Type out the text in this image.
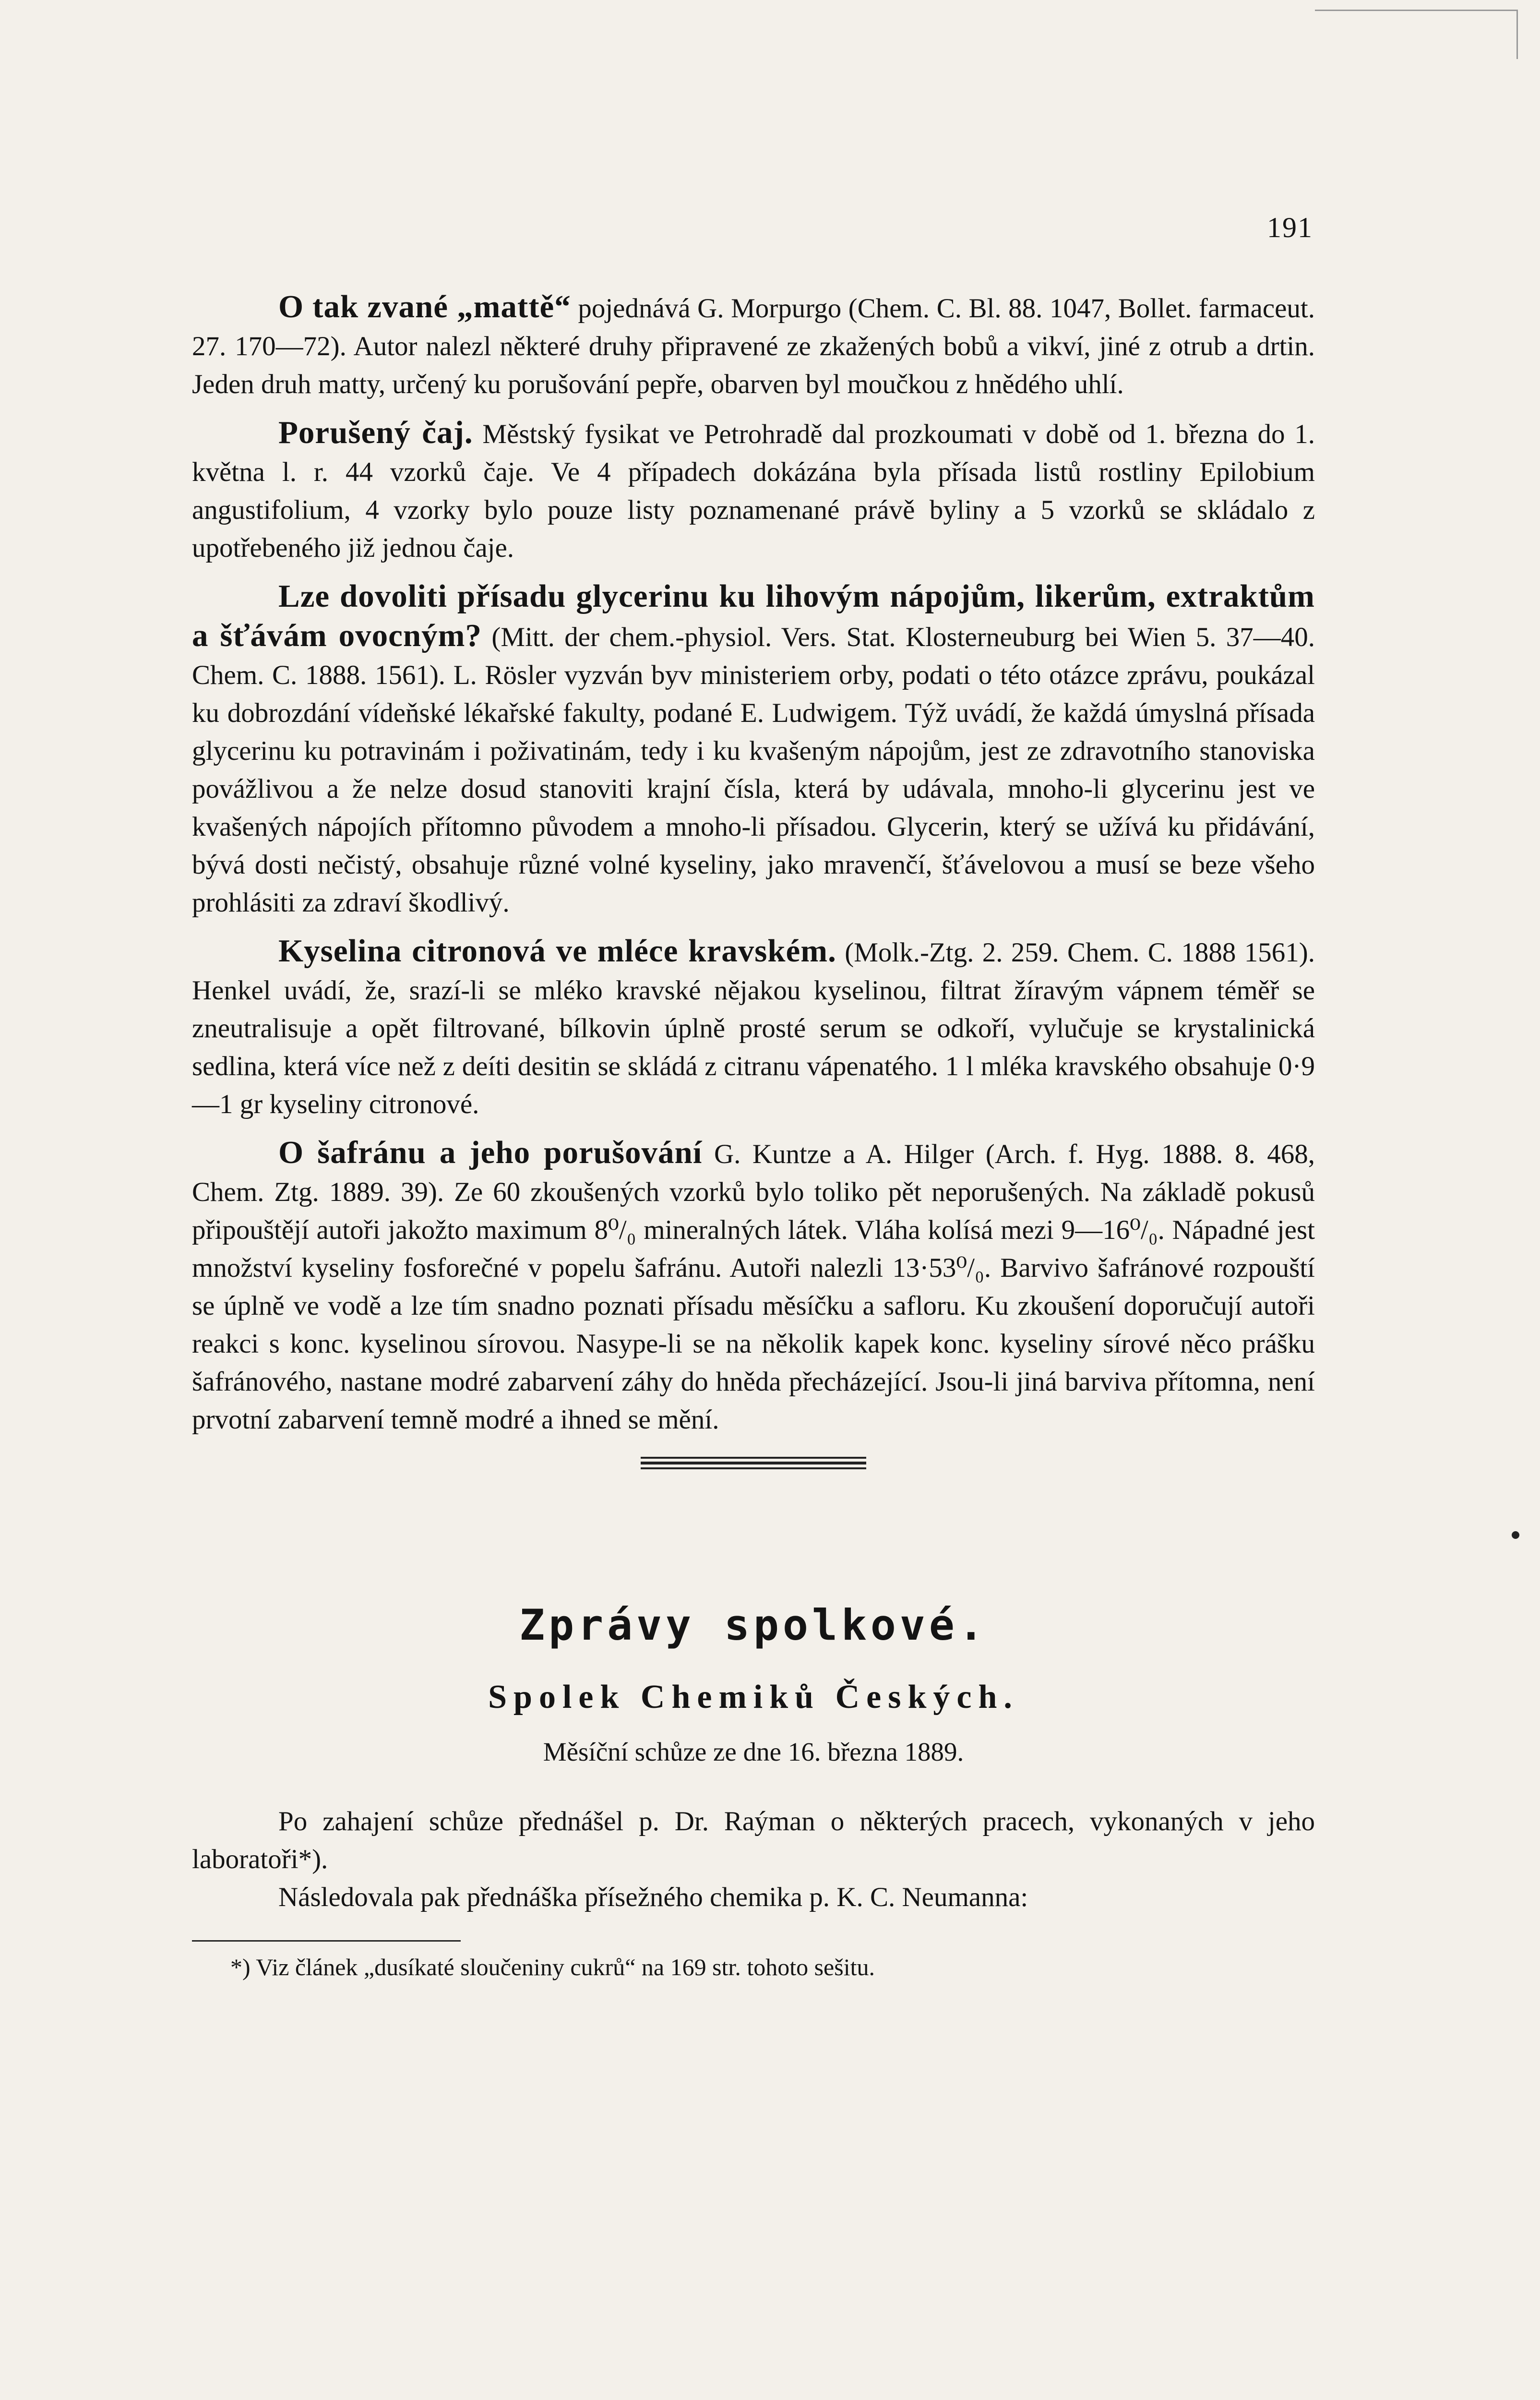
191

O tak zvané „mattě“ pojednává G. Morpurgo (Chem. C. Bl. 88. 1047, Bollet. farmaceut. 27. 170—72). Autor nalezl některé druhy připravené ze zkažených bobů a vikví, jiné z otrub a drtin. Jeden druh matty, určený ku porušování pepře, obarven byl moučkou z hnědého uhlí.

Porušený čaj. Městský fysikat ve Petrohradě dal prozkoumati v době od 1. března do 1. května l. r. 44 vzorků čaje. Ve 4 případech dokázána byla přísada listů rostliny Epilobium angustifolium, 4 vzorky bylo pouze listy poznamenané právě byliny a 5 vzorků se skládalo z upotřebeného již jednou čaje.

Lze dovoliti přísadu glycerinu ku lihovým nápojům, likerům, extraktům a šťávám ovocným? (Mitt. der chem.-physiol. Vers. Stat. Klosterneuburg bei Wien 5. 37—40. Chem. C. 1888. 1561). L. Rösler vyzván byv ministeriem orby, podati o této otázce zprávu, poukázal ku dobrozdání vídeňské lékařské fakulty, podané E. Ludwigem. Týž uvádí, že každá úmyslná přísada glycerinu ku potravinám i poživatinám, tedy i ku kvašeným nápojům, jest ze zdravotního stanoviska povážlivou a že nelze dosud stanoviti krajní čísla, která by udávala, mnoho-li glycerinu jest ve kvašených nápojích přítomno původem a mnoho-li přísadou. Glycerin, který se užívá ku přidávání, bývá dosti nečistý, obsahuje různé volné kyseliny, jako mravenčí, šťávelovou a musí se beze všeho prohlásiti za zdraví škodlivý.

Kyselina citronová ve mléce kravském. (Molk.-Ztg. 2. 259. Chem. C. 1888 1561). Henkel uvádí, že, srazí-li se mléko kravské nějakou kyselinou, filtrat žíravým vápnem téměř se zneutralisuje a opět filtrované, bílkovin úplně prosté serum se odkoří, vylučuje se krystalinická sedlina, která více než z deíti desitin se skládá z citranu vápenatého. 1 l mléka kravského obsahuje 0·9—1 gr kyseliny citronové.

O šafránu a jeho porušování G. Kuntze a A. Hilger (Arch. f. Hyg. 1888. 8. 468, Chem. Ztg. 1889. 39). Ze 60 zkoušených vzorků bylo toliko pět neporušených. Na základě pokusů připouštějí autoři jakožto maximum 8⁰/₀ mineralných látek. Vláha kolísá mezi 9—16⁰/₀. Nápadné jest množství kyseliny fosforečné v popelu šafránu. Autoři nalezli 13·53⁰/₀. Barvivo šafránové rozpouští se úplně ve vodě a lze tím snadno poznati přísadu měsíčku a safloru. Ku zkoušení doporučují autoři reakci s konc. kyselinou sírovou. Nasype-li se na několik kapek konc. kyseliny sírové něco prášku šafránového, nastane modré zabarvení záhy do hněda přecházející. Jsou-li jiná barviva přítomna, není prvotní zabarvení temně modré a ihned se mění.

Zprávy spolkové.
Spolek Chemiků Českých.
Měsíční schůze ze dne 16. března 1889.

Po zahajení schůze přednášel p. Dr. Raýman o některých pracech, vykonaných v jeho laboratoři*).

Následovala pak přednáška přísežného chemika p. K. C. Neumanna:

*) Viz článek „dusíkaté sloučeniny cukrů“ na 169 str. tohoto sešitu.
